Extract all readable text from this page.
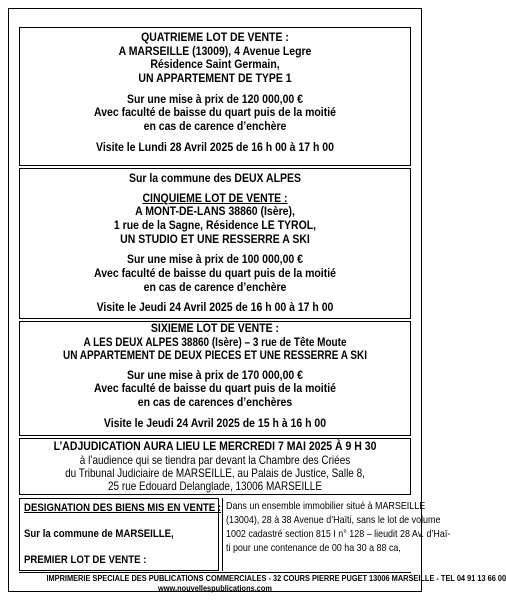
QUATRIEME LOT DE VENTE :
A MARSEILLE (13009), 4 Avenue Legre
Résidence Saint Germain,
UN APPARTEMENT DE TYPE 1
Sur une mise à prix de 120 000,00 €
Avec faculté de baisse du quart puis de la moitié
en cas de carence d’enchère
Visite le Lundi 28 Avril 2025 de 16 h 00 à 17 h 00
Sur la commune des DEUX ALPES
CINQUIEME LOT DE VENTE :
A MONT-DE-LANS 38860 (Isère),
1 rue de la Sagne, Résidence LE TYROL,
UN STUDIO ET UNE RESSERRE A SKI
Sur une mise à prix de 100 000,00 €
Avec faculté de baisse du quart puis de la moitié
en cas de carence d’enchère
Visite le Jeudi 24 Avril 2025 de 16 h 00 à 17 h 00
SIXIEME LOT DE VENTE :
A LES DEUX ALPES 38860 (Isère) – 3 rue de Tête Moute
UN APPARTEMENT DE DEUX PIECES ET UNE RESSERRE A SKI
Sur une mise à prix de 170 000,00 €
Avec faculté de baisse du quart puis de la moitié
en cas de carences d’enchères
Visite le Jeudi 24 Avril 2025 de 15 h à 16 h 00
L’ADJUDICATION AURA LIEU LE MERCREDI 7 MAI 2025 À 9 H 30
à l’audience qui se tiendra par devant la Chambre des Criées
du Tribunal Judiciaire de MARSEILLE, au Palais de Justice, Salle 8,
25 rue Edouard Delanglade, 13006 MARSEILLE
DESIGNATION DES BIENS MIS EN VENTE :
Sur la commune de MARSEILLE,
PREMIER LOT DE VENTE :
Dans un ensemble immobilier situé à MARSEILLE
(13004), 28 à 38 Avenue d’Haïti, sans le lot de volume
1002 cadastré section 815 I n° 128 – lieudit 28 Av. d’Haï-
ti pour une contenance de 00 ha 30 a 88 ca,
IMPRIMERIE SPECIALE DES PUBLICATIONS COMMERCIALES - 32 COURS PIERRE PUGET 13006 MARSEILLE - TEL 04 91 13 66 00
www.nouvellespublications.com
